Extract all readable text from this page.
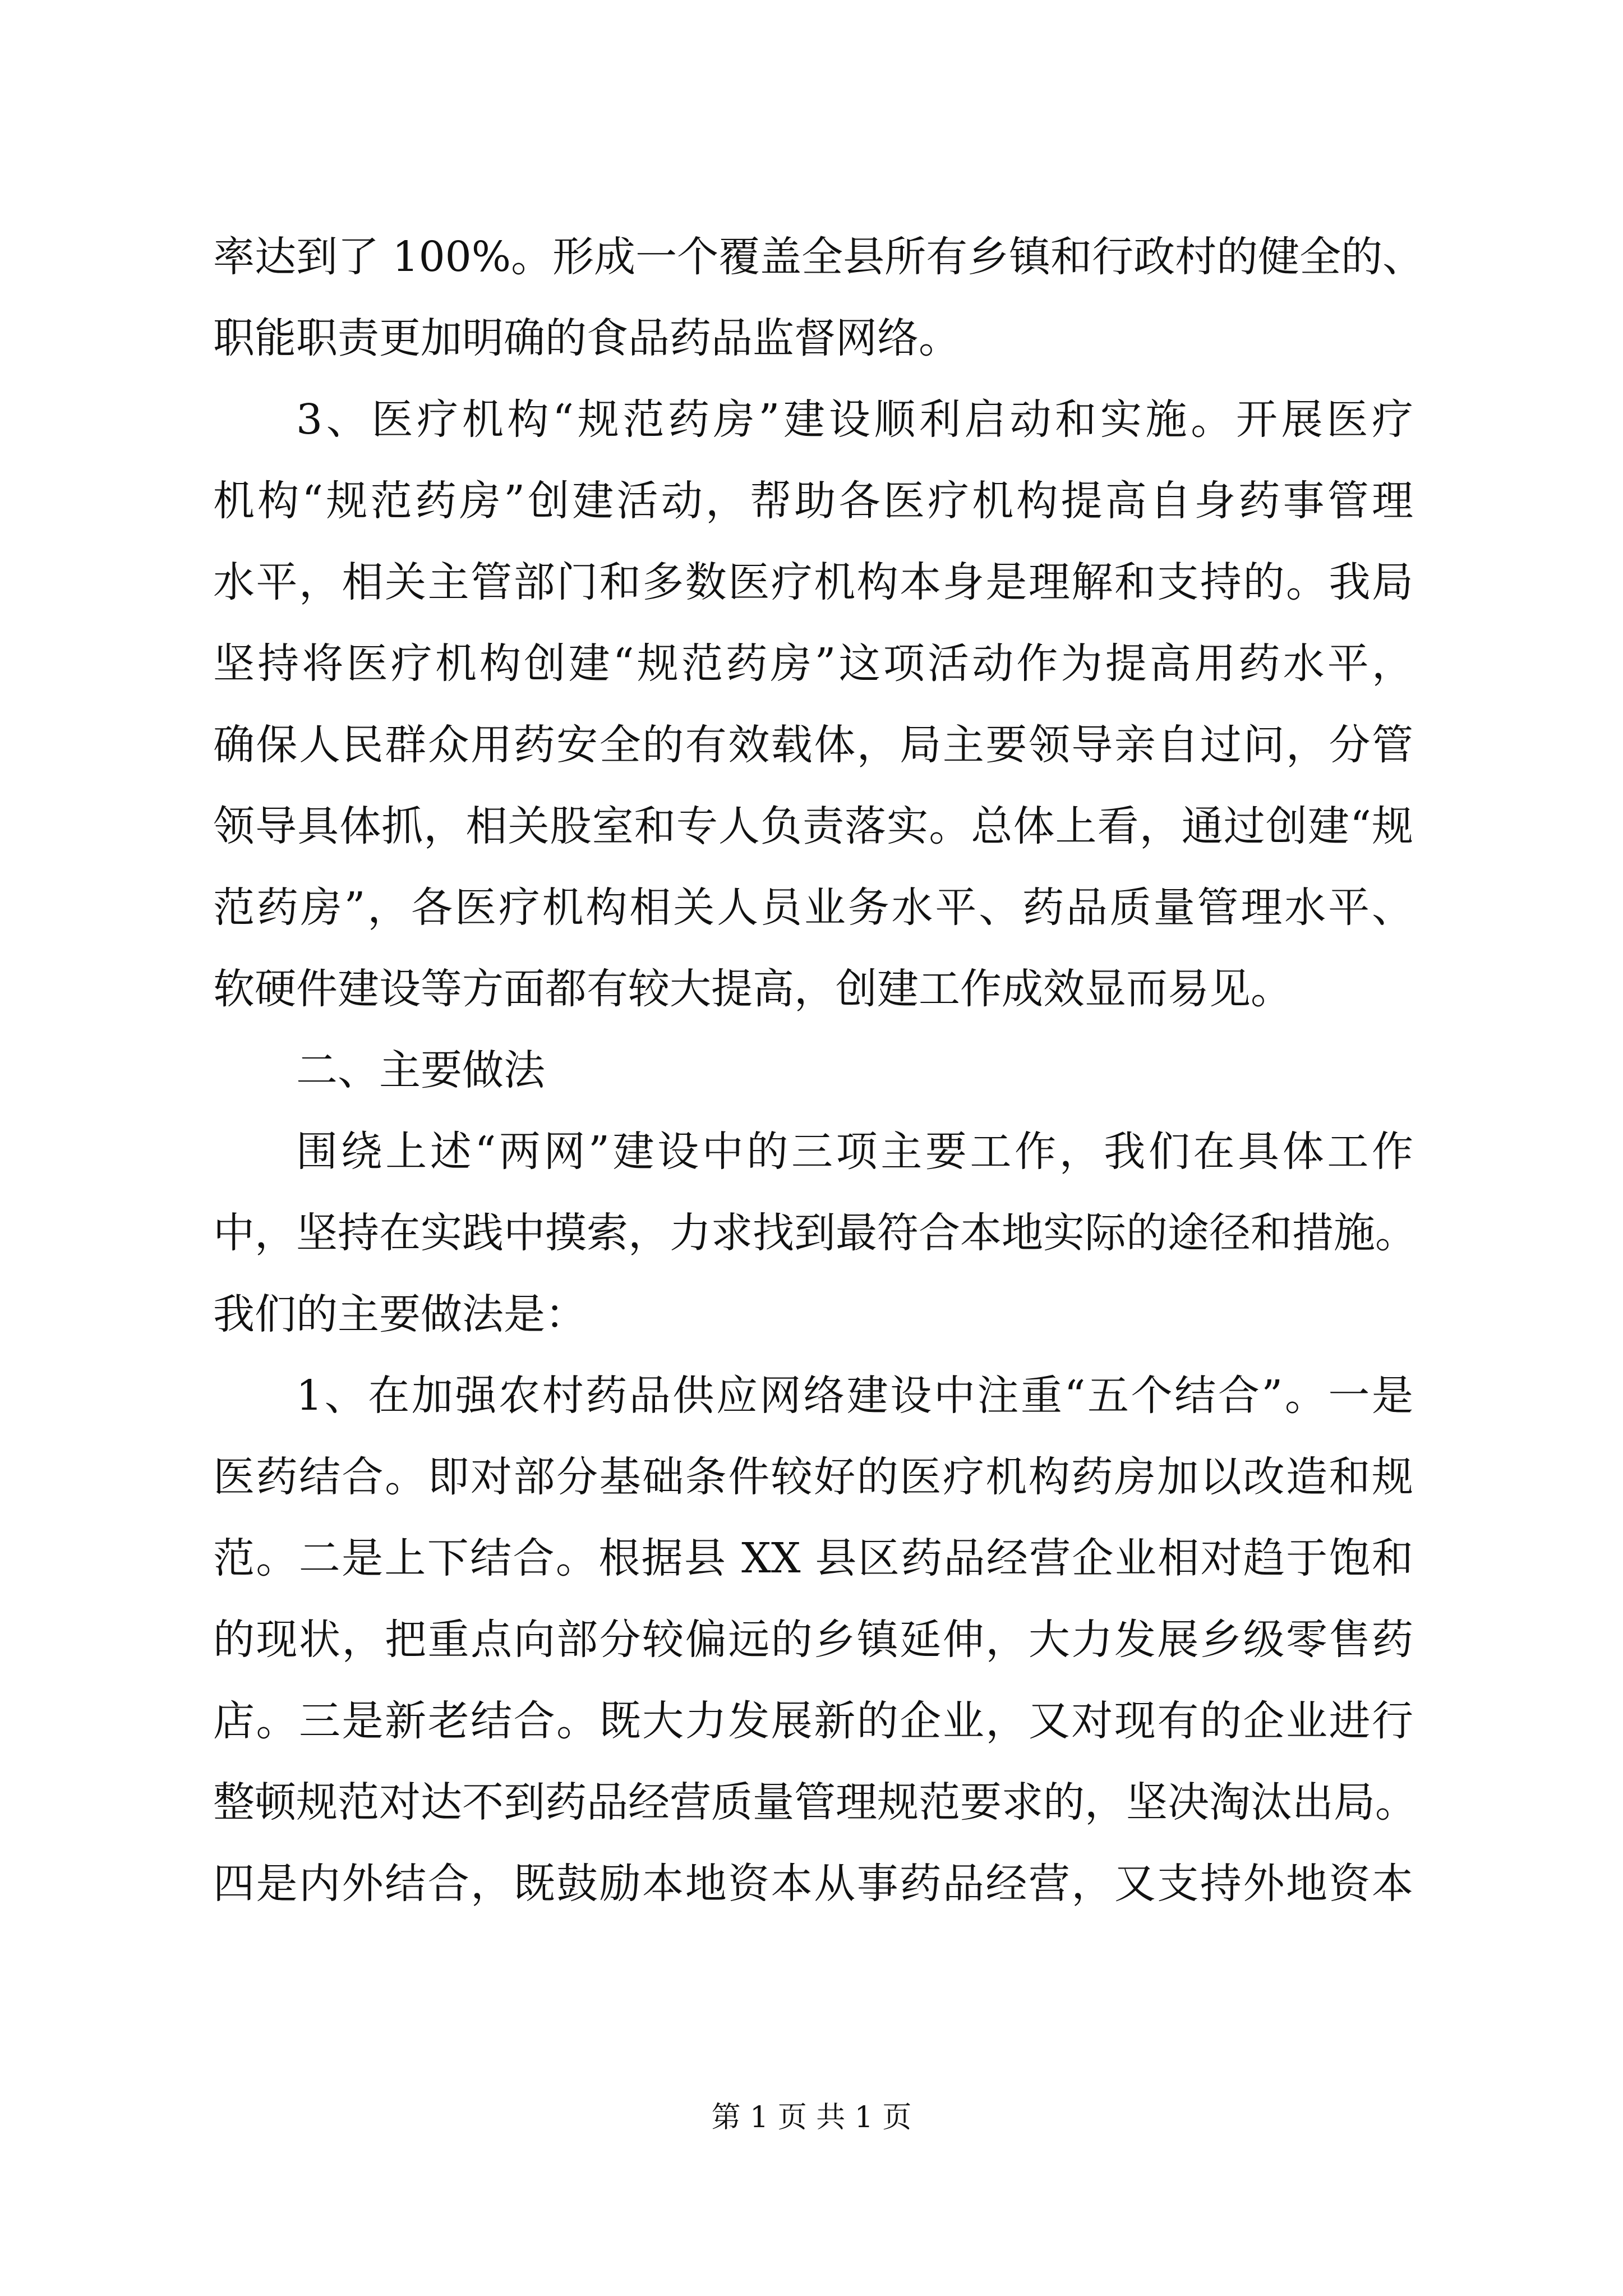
率达到了 100%。形成一个覆盖全县所有乡镇和行政村的健全的、
职能职责更加明确的食品药品监督网络。
3、医疗机构“规范药房”建设顺利启动和实施。开展医疗
机构“规范药房”创建活动，帮助各医疗机构提高自身药事管理
水平，相关主管部门和多数医疗机构本身是理解和支持的。我局
坚持将医疗机构创建“规范药房”这项活动作为提高用药水平，
确保人民群众用药安全的有效载体，局主要领导亲自过问，分管
领导具体抓，相关股室和专人负责落实。总体上看，通过创建“规
范药房”，各医疗机构相关人员业务水平、药品质量管理水平、
软硬件建设等方面都有较大提高，创建工作成效显而易见。
二、主要做法
围绕上述“两网”建设中的三项主要工作，我们在具体工作
中，坚持在实践中摸索，力求找到最符合本地实际的途径和措施。
我们的主要做法是：
1、在加强农村药品供应网络建设中注重“五个结合”。一是
医药结合。即对部分基础条件较好的医疗机构药房加以改造和规
范。二是上下结合。根据县 XX 县区药品经营企业相对趋于饱和
的现状，把重点向部分较偏远的乡镇延伸，大力发展乡级零售药
店。三是新老结合。既大力发展新的企业，又对现有的企业进行
整顿规范对达不到药品经营质量管理规范要求的，坚决淘汰出局。
四是内外结合，既鼓励本地资本从事药品经营，又支持外地资本
第 1 页 共 1 页
